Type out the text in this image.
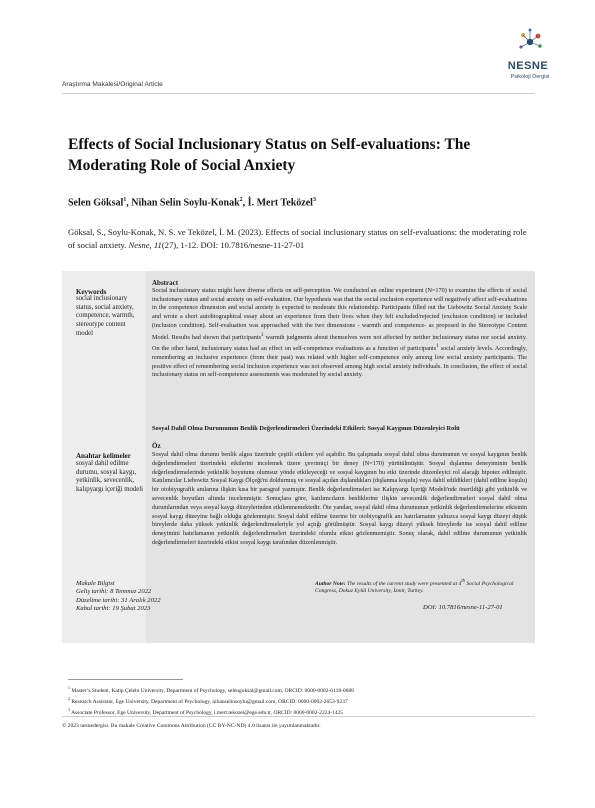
NESNE
Psikoloji Dergisi
Araştırma Makalesi/Original Article
Effects of Social Inclusionary Status on Self-evaluations: The Moderating Role of Social Anxiety
Selen Göksal$^1$, Nihan Selin Soylu-Konak$^2$, İ. Mert Teközel$^3$

Göksal, S., Soylu-Konak, N. S. ve Teközel, İ. M. (2023). Effects of social inclusionary status on self-evaluations: the moderating role of social anxiety. Nesne, 11(27), 1-12. DOI: 10.7816/nesne-11-27-01

Keywords
social inclusionary status, social anxiety, competence, warmth, stereotype content model
Anahtar kelimeler
sosyal dahil edilme durumu, sosyal kaygı, yetkinlik, sevecenlik, kalıpyargı içeriği modeli
Abstract

Social inclusionary status might have diverse effects on self-perception. We conducted an online experiment (N=170) to examine the effects of social inclusionary status and social anxiety on self-evaluation. Our hypothesis was that the social exclusion experience will negatively affect self-evaluations in the competence dimension and social anxiety is expected to moderate this relationship. Participants filled out the Liebowitz Social Anxiety Scale and wrote a short autobiographical essay about an experience from their lives when they felt excluded/rejected (exclusion condition) or included (inclusion condition). Self-evaluation was approached with the two dimensions - warmth and competence- as proposed in the Stereotype Content Model. Results had shown that participants$^1$ warmth judgments about themselves were not affected by neither inclusionary status nor social anxiety. On the other hand, inclusionary status had an effect on self-competence evaluations as a function of participants$^1$ social anxiety levels. Accordingly, remembering an inclusive experience (from their past) was related with higher self-competence only among low social anxiety participants. The positive effect of remembering social inclusion experience was not observed among high social anxiety individuals. In conclusion, the effect of social inclusionary status on self-competence assessments was moderated by social anxiety.

Sosyal Dahil Olma Durumunun Benlik Değerlendirmeleri Üzerindeki Etkileri: Sosyal Kaygının Düzenleyici Rolü
Öz

Sosyal dahil olma durumu benlik algısı üzerinde çeşitli etkilere yol açabilir. Bu çalışmada sosyal dahil olma durumunun ve sosyal kaygının benlik değerlendirmeleri üzerindeki etkilerini incelemek üzere çevrimiçi bir deney (N=170) yürütülmüştür. Sosyal dışlanma deneyiminin benlik değerlendirmelerinde yetkinlik boyutunu olumsuz yönde etkileyeceği ve sosyal kaygının bu etki üzerinde düzenleyici rol alacağı hipotez edilmiştir. Katılımcılar Liebowitz Sosyal Kaygı Ölçeği'ni doldurmuş ve sosyal açıdan dışlandıkları (dışlanma koşulu) veya dahil edildikleri (dahil edilme koşulu) bir otobiyografik anılarına ilişkin kısa bir paragraf yazmıştır. Benlik değerlendirmeleri ise Kalıpyargı İçeriği Modeli'nde önerildiği gibi yetkinlik ve sevecenlik boyutları altında incelenmiştir. Sonuçlara göre, katılımcıların benliklerine ilişkin sevecenlik değerlendirmeleri sosyal dahil olma durumlarından veya sosyal kaygı düzeylerinden etkilenmemektedir. Öte yandan, sosyal dahil olma durumunun yetkinlik değerlendirmelerine etkisinin sosyal kaygı düzeyine bağlı olduğu gözlenmiştir. Sosyal dahil edilme üzerine bir otobiyografik anı hatırlamanın yalnızca sosyal kaygı düzeyi düşük bireylerde daha yüksek yetkinlik değerlendirmeleriyle yol açtığı görülmüştür. Sosyal kaygı düzeyi yüksek bireylerde ise sosyal dahil edilme deneyimini hatırlamanın yetkinlik değerlendirmeleri üzerindeki olumlu etkisi gözlenmemiştir. Sonuç olarak, dahil edilme durumunun yetkinlik değerlendirmeleri üzerindeki etkisi sosyal kaygı tarafından düzenlenmiştir.

Makale Bilgisi
Geliş tarihi: 8 Temmuz 2022
Düzeltme tarihi: 31 Aralık 2022
Kabul tarihi: 19 Şubat 2023
Author Note: The results of the current study were presented at 4th Social Psychological Congress, Dokuz Eylül University, İzmir, Turkey.
DOI: 10.7816/nesne-11-27-01
$^1$ Master’s Student, Katip Çelebi University, Department of Psychology, selengoksal@gmail.com, ORCID: 0000-0002-6118-0688
$^2$ Research Assistant, Ege University, Department of Psychology, nihanselinsoylu@gmail.com, ORCID: 0000-0002-2653-9237
$^3$ Associate Professor, Ege University, Department of Psychology, i.mert.tekozel@ege.edu.tr, ORCID: 0000-0002-2224-1425
© 2023 nesnedergisi. Bu makale Creative Commons Attribution (CC BY-NC-ND) 4.0 lisansı ile yayımlanmaktadır.
